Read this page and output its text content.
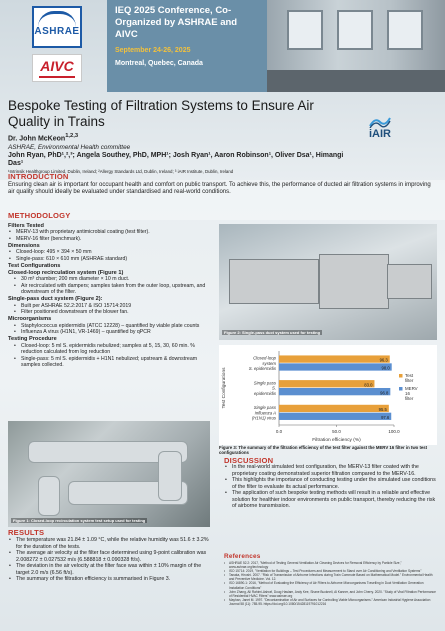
ASHRAE
AIVC
IEQ 2025 Conference, Co-Organized by ASHRAE and AIVC
September 24-26, 2025
Montreal, Quebec, Canada
Bespoke Testing of Filtration Systems to Ensure Air Quality in Trains
iAIR
Dr. John McKeon$^{1,2,3}$
ASHRAE, Environmental Health committee
John Ryan, PhD¹,²,³; Angela Southey, PhD, MPH¹; Josh Ryan¹, Aaron Robinson¹, Oliver Dsa¹, Himangi Das¹
¹Intrinsik Healthgroup Limited, Dublin, Ireland; ²Allergy Standards Ltd, Dublin, Ireland; ³ iAIR Institute, Dublin, Ireland
INTRODUCTION
Ensuring clean air is important for occupant health and comfort on public transport. To achieve this, the performance of ducted air filtration systems in improving air quality should ideally be evaluated under standardised and real-world conditions.
METHODOLOGY
Filters Tested
• MERV-13 with proprietary antimicrobial coating (test filter).
• MERV-16 filter (benchmark).
Dimensions
• Closed-loop: 495 × 394 × 50 mm
• Single-pass: 610 × 610 mm (ASHRAE standard)
Test Configurations
Closed-loop recirculation system (Figure 1)
• 30 m³ chamber; 200 mm diameter × 10 m duct.
• Air recirculated with dampers; samples taken from the outer loop, upstream, and downstream of the filter.
Single-pass duct system (Figure 2):
• Built per ASHRAE 52.2:2017 & ISO 15714:2019
• Filter positioned downstream of the blower fan.
Microorganisms
• Staphylococcus epidermidis (ATCC 12228) – quantified by viable plate counts
• Influenza A virus (H1N1, VR-1469) – quantified by qPCR
Testing Procedure
• Closed-loop: 5 ml S. epidermidis nebulized; samples at 5, 15, 30, 60 min. % reduction calculated from log reduction
• Single-pass: 5 ml S. epidermidis + H1N1 nebulized; upstream & downstream samples collected.
Figure 1: Closed-loop recirculation system test setup used for testing
RESULTS
• The temperature was 21.84 ± 1.09 °C, while the relative humidity was 51.6 ± 3.2% for the duration of the tests.
• The average air velocity at the filter face determined using 9-point calibration was 2.008272 ± 0.027532 m/s (6.588818 ± 0.090328 ft/s).
• The deviation in the air velocity at the filter face was within ± 10% margin of the target 2.0 m/s (6.56 ft/s).
• The summary of the filtration efficiency is summarised in Figure 3.
Figure 2: Single-pass duct system used for testing
0.0	50.0	100.0
Filtration efficiency (%)
Test Configurations
Closed-loop
system
S. epidermidis
96.3
98.0
Single pass
S.
epidermidis
83.0
96.8
Single pass
Influenza A
(H1N1) virus
95.5
97.6
Test
filter
MERV
16
filter
Figure 3: The summary of the filtration efficiency of the test filter against the MERV 16 filter in two test configurations
DISCUSSION
• In the real-world simulated test configuration, the MERV-13 filter coated with the proprietary coating demonstrated superior filtration compared to the MERV-16.
• This highlights the importance of conducting testing under the simulated use conditions of the filter to evaluate its actual performance.
• The application of such bespoke testing methods will result in a reliable and effective solution for healthier indoor environments on public transport, thereby reducing the risk of airborne transmission.
References
• ASHRAE 52.2: 2017, "Method of Testing General Ventilation Air Cleaning Devices for Removal Efficiency by Particle Size," www.ashrae.org/technology
• ISO 15714: 2019, "Ventilation for Buildings – Test Procedures and Measurement to Stand over Air Conditioning and Ventilation Systems"
• Tanaka, Hiroshi. 2007. "Risk of Transmission of Airborne Infections during Train Commute Based on Mathematical Model." Environmental Health and Preventive Medicine. Vol. 12.
• ISO 16890-1: 2016, "Method of Evaluating the Efficiency of Air Filters to Airborne Microorganisms Travelling in Duct Ventilation Generation Installation Conditions"
• John Zhang, Ali Rahimi-Ashraf, Doug Haslam, Andy Kee, Shane Bucknell, Al Kanner, and John Cherry. 2020. "Study of Viral Filtration Performance of Residential HVAC Filters" www.ashrae.org
• Mayhan, Janet M. 1997. "Decontamination of Air and Surfaces for Controlling Viable Microorganisms." American Industrial Hygiene Association Journal 58 (11): 785-95. https://doi.org/10.1080/15428119791012216
